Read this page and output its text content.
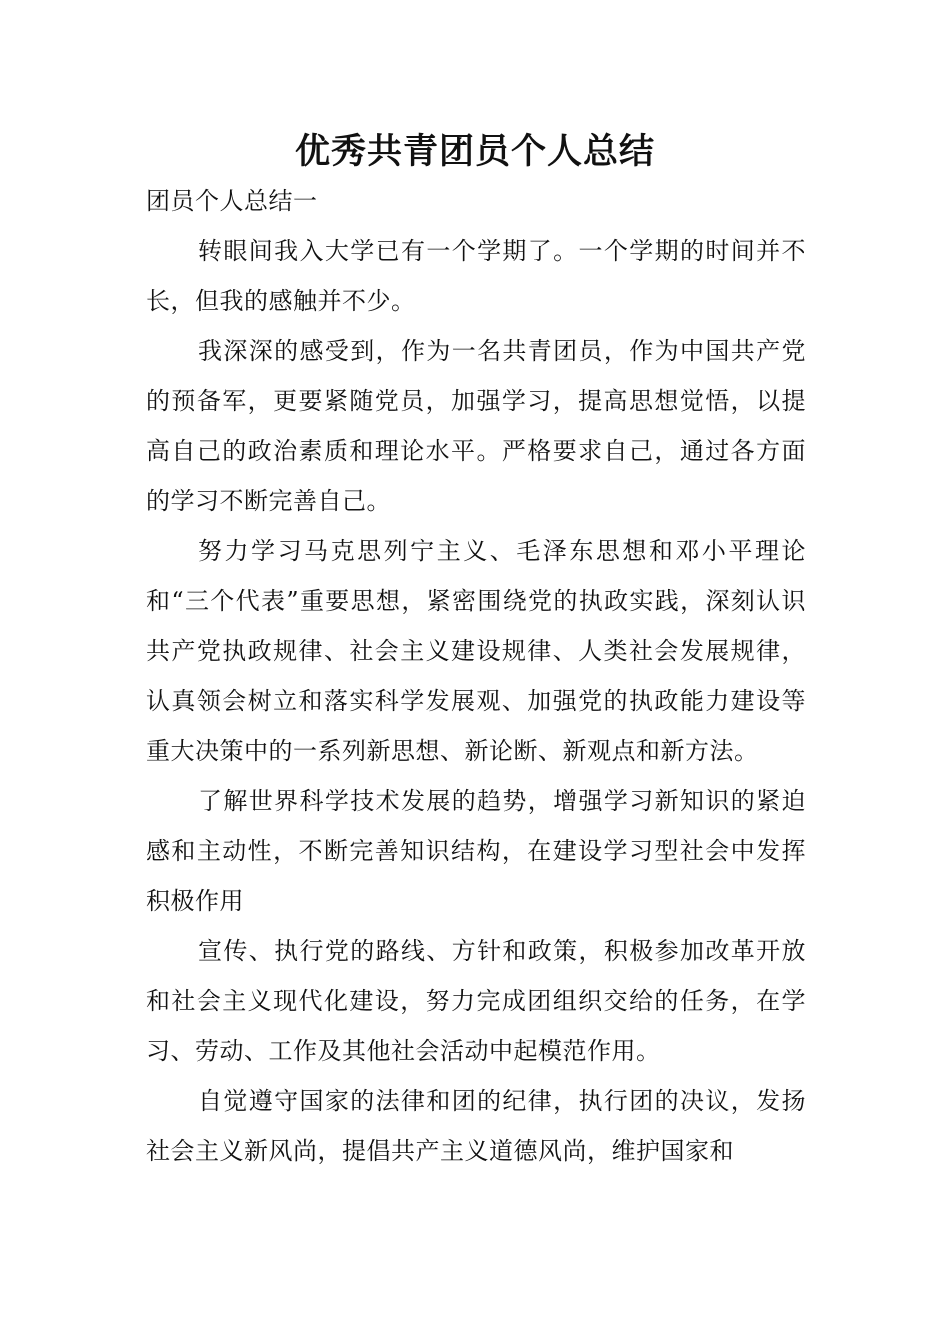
优秀共青团员个人总结

团员个人总结一

转眼间我入大学已有一个学期了。一个学期的时间并不长，但我的感触并不少。

我深深的感受到，作为一名共青团员，作为中国共产党的预备军，更要紧随党员，加强学习，提高思想觉悟，以提高自己的政治素质和理论水平。严格要求自己，通过各方面的学习不断完善自己。

努力学习马克思列宁主义、毛泽东思想和邓小平理论和“三个代表”重要思想，紧密围绕党的执政实践，深刻认识共产党执政规律、社会主义建设规律、人类社会发展规律，认真领会树立和落实科学发展观、加强党的执政能力建设等重大决策中的一系列新思想、新论断、新观点和新方法。

了解世界科学技术发展的趋势，增强学习新知识的紧迫感和主动性，不断完善知识结构，在建设学习型社会中发挥积极作用

宣传、执行党的路线、方针和政策，积极参加改革开放和社会主义现代化建设，努力完成团组织交给的任务，在学习、劳动、工作及其他社会活动中起模范作用。

自觉遵守国家的法律和团的纪律，执行团的决议，发扬社会主义新风尚，提倡共产主义道德风尚，维护国家和
